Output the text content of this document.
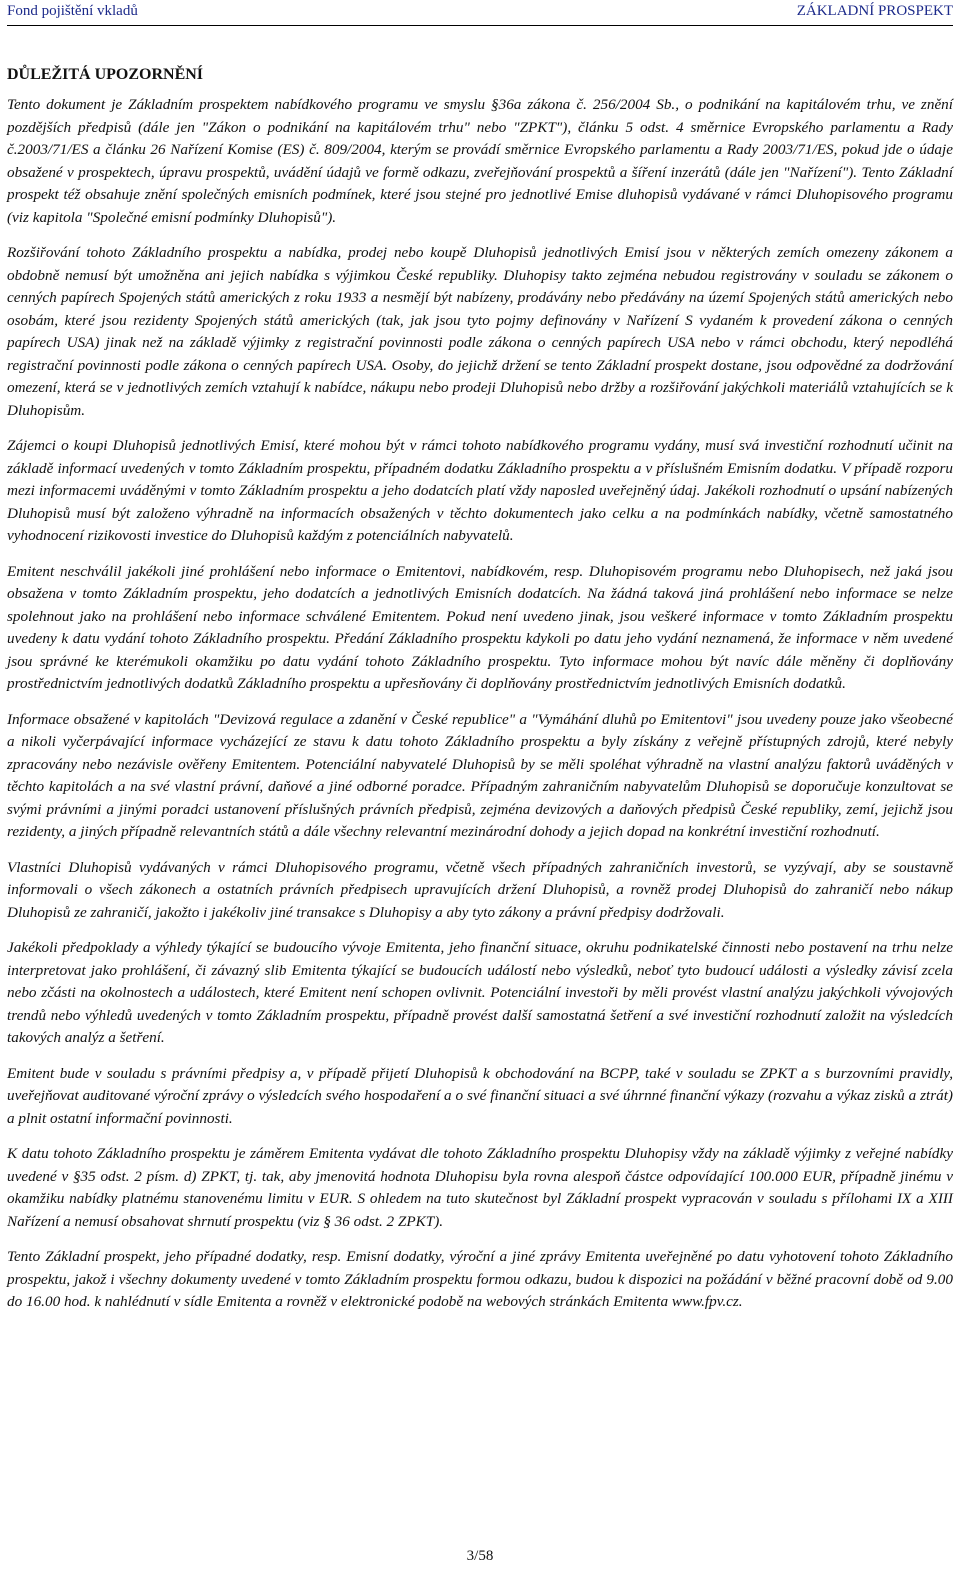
Fond pojištění vkladů	ZÁKLADNÍ PROSPEKT
DŮLEŽITÁ UPOZORNĚNÍ

Tento dokument je Základním prospektem nabídkového programu ve smyslu §36a zákona č. 256/2004 Sb., o podnikání na kapitálovém trhu, ve znění pozdějších předpisů (dále jen "Zákon o podnikání na kapitálovém trhu" nebo "ZPKT"), článku 5 odst. 4 směrnice Evropského parlamentu a Rady č.2003/71/ES a článku 26 Nařízení Komise (ES) č. 809/2004, kterým se provádí směrnice Evropského parlamentu a Rady 2003/71/ES, pokud jde o údaje obsažené v prospektech, úpravu prospektů, uvádění údajů ve formě odkazu, zveřejňování prospektů a šíření inzerátů (dále jen "Nařízení"). Tento Základní prospekt též obsahuje znění společných emisních podmínek, které jsou stejné pro jednotlivé Emise dluhopisů vydávané v rámci Dluhopisového programu (viz kapitola "Společné emisní podmínky Dluhopisů").

Rozšiřování tohoto Základního prospektu a nabídka, prodej nebo koupě Dluhopisů jednotlivých Emisí jsou v některých zemích omezeny zákonem a obdobně nemusí být umožněna ani jejich nabídka s výjimkou České republiky. Dluhopisy takto zejména nebudou registrovány v souladu se zákonem o cenných papírech Spojených států amerických z roku 1933 a nesmějí být nabízeny, prodávány nebo předávány na území Spojených států amerických nebo osobám, které jsou rezidenty Spojených států amerických (tak, jak jsou tyto pojmy definovány v Nařízení S vydaném k provedení zákona o cenných papírech USA) jinak než na základě výjimky z registrační povinnosti podle zákona o cenných papírech USA nebo v rámci obchodu, který nepodléhá registrační povinnosti podle zákona o cenných papírech USA. Osoby, do jejichž držení se tento Základní prospekt dostane, jsou odpovědné za dodržování omezení, která se v jednotlivých zemích vztahují k nabídce, nákupu nebo prodeji Dluhopisů nebo držby a rozšiřování jakýchkoli materiálů vztahujících se k Dluhopisům.

Zájemci o koupi Dluhopisů jednotlivých Emisí, které mohou být v rámci tohoto nabídkového programu vydány, musí svá investiční rozhodnutí učinit na základě informací uvedených v tomto Základním prospektu, případném dodatku Základního prospektu a v příslušném Emisním dodatku. V případě rozporu mezi informacemi uváděnými v tomto Základním prospektu a jeho dodatcích platí vždy naposled uveřejněný údaj. Jakékoli rozhodnutí o upsání nabízených Dluhopisů musí být založeno výhradně na informacích obsažených v těchto dokumentech jako celku a na podmínkách nabídky, včetně samostatného vyhodnocení rizikovosti investice do Dluhopisů každým z potenciálních nabyvatelů.

Emitent neschválil jakékoli jiné prohlášení nebo informace o Emitentovi, nabídkovém, resp. Dluhopisovém programu nebo Dluhopisech, než jaká jsou obsažena v tomto Základním prospektu, jeho dodatcích a jednotlivých Emisních dodatcích. Na žádná taková jiná prohlášení nebo informace se nelze spolehnout jako na prohlášení nebo informace schválené Emitentem. Pokud není uvedeno jinak, jsou veškeré informace v tomto Základním prospektu uvedeny k datu vydání tohoto Základního prospektu. Předání Základního prospektu kdykoli po datu jeho vydání neznamená, že informace v něm uvedené jsou správné ke kterémukoli okamžiku po datu vydání tohoto Základního prospektu. Tyto informace mohou být navíc dále měněny či doplňovány prostřednictvím jednotlivých dodatků Základního prospektu a upřesňovány či doplňovány prostřednictvím jednotlivých Emisních dodatků.

Informace obsažené v kapitolách "Devizová regulace a zdanění v České republice" a "Vymáhání dluhů po Emitentovi" jsou uvedeny pouze jako všeobecné a nikoli vyčerpávající informace vycházející ze stavu k datu tohoto Základního prospektu a byly získány z veřejně přístupných zdrojů, které nebyly zpracovány nebo nezávisle ověřeny Emitentem. Potenciální nabyvatelé Dluhopisů by se měli spoléhat výhradně na vlastní analýzu faktorů uváděných v těchto kapitolách a na své vlastní právní, daňové a jiné odborné poradce. Případným zahraničním nabyvatelům Dluhopisů se doporučuje konzultovat se svými právními a jinými poradci ustanovení příslušných právních předpisů, zejména devizových a daňových předpisů České republiky, zemí, jejichž jsou rezidenty, a jiných případně relevantních států a dále všechny relevantní mezinárodní dohody a jejich dopad na konkrétní investiční rozhodnutí.

Vlastníci Dluhopisů vydávaných v rámci Dluhopisového programu, včetně všech případných zahraničních investorů, se vyzývají, aby se soustavně informovali o všech zákonech a ostatních právních předpisech upravujících držení Dluhopisů, a rovněž prodej Dluhopisů do zahraničí nebo nákup Dluhopisů ze zahraničí, jakožto i jakékoliv jiné transakce s Dluhopisy a aby tyto zákony a právní předpisy dodržovali.

Jakékoli předpoklady a výhledy týkající se budoucího vývoje Emitenta, jeho finanční situace, okruhu podnikatelské činnosti nebo postavení na trhu nelze interpretovat jako prohlášení, či závazný slib Emitenta týkající se budoucích událostí nebo výsledků, neboť tyto budoucí události a výsledky závisí zcela nebo zčásti na okolnostech a událostech, které Emitent není schopen ovlivnit. Potenciální investoři by měli provést vlastní analýzu jakýchkoli vývojových trendů nebo výhledů uvedených v tomto Základním prospektu, případně provést další samostatná šetření a své investiční rozhodnutí založit na výsledcích takových analýz a šetření.

Emitent bude v souladu s právními předpisy a, v případě přijetí Dluhopisů k obchodování na BCPP, také v souladu se ZPKT a s burzovními pravidly, uveřejňovat auditované výroční zprávy o výsledcích svého hospodaření a o své finanční situaci a své úhrnné finanční výkazy (rozvahu a výkaz zisků a ztrát) a plnit ostatní informační povinnosti.

K datu tohoto Základního prospektu je záměrem Emitenta vydávat dle tohoto Základního prospektu Dluhopisy vždy na základě výjimky z veřejné nabídky uvedené v §35 odst. 2 písm. d) ZPKT, tj. tak, aby jmenovitá hodnota Dluhopisu byla rovna alespoň částce odpovídající 100.000 EUR, případně jinému v okamžiku nabídky platnému stanovenému limitu v EUR. S ohledem na tuto skutečnost byl Základní prospekt vypracován v souladu s přílohami IX a XIII Nařízení a nemusí obsahovat shrnutí prospektu (viz § 36 odst. 2 ZPKT).

Tento Základní prospekt, jeho případné dodatky, resp. Emisní dodatky, výroční a jiné zprávy Emitenta uveřejněné po datu vyhotovení tohoto Základního prospektu, jakož i všechny dokumenty uvedené v tomto Základním prospektu formou odkazu, budou k dispozici na požádání v běžné pracovní době od 9.00 do 16.00 hod. k nahlédnutí v sídle Emitenta a rovněž v elektronické podobě na webových stránkách Emitenta www.fpv.cz.

3/58
